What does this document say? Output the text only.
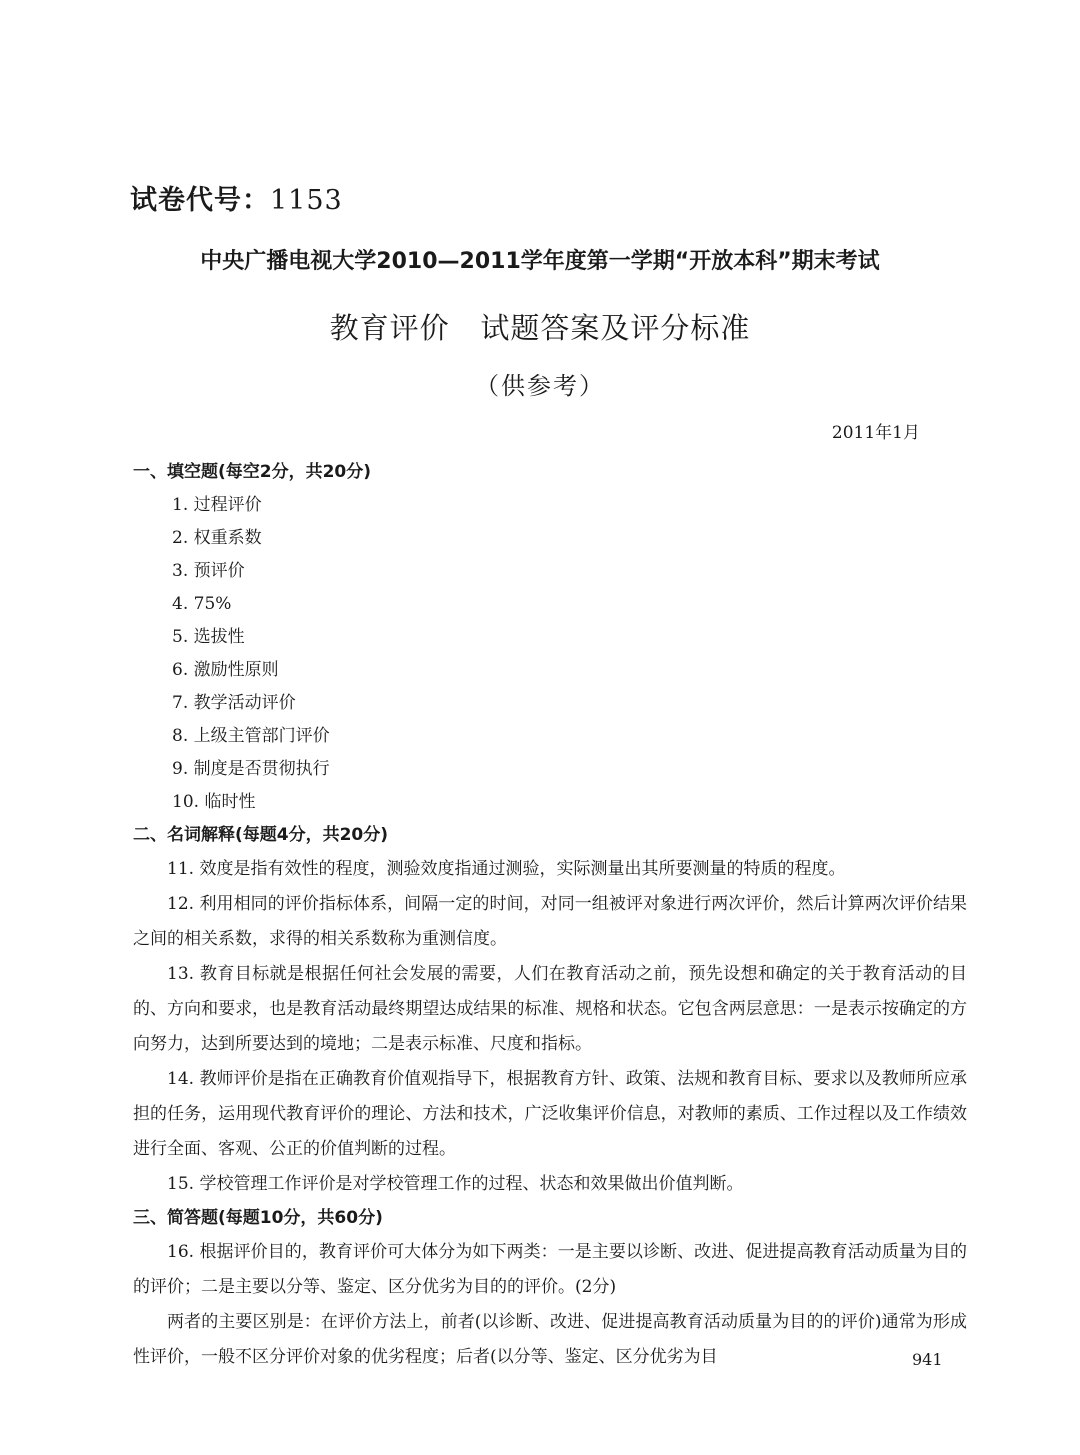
试卷代号：1153
中央广播电视大学2010—2011学年度第一学期“开放本科”期末考试
教育评价   试题答案及评分标准
（供参考）
2011年1月
一、填空题(每空2分，共20分)
1. 过程评价
2. 权重系数
3. 预评价
4. 75%
5. 选拔性
6. 激励性原则
7. 教学活动评价
8. 上级主管部门评价
9. 制度是否贯彻执行
10. 临时性
二、名词解释(每题4分，共20分)

11. 效度是指有效性的程度，测验效度指通过测验，实际测量出其所要测量的特质的程度。

12. 利用相同的评价指标体系，间隔一定的时间，对同一组被评对象进行两次评价，然后计算两次评价结果之间的相关系数，求得的相关系数称为重测信度。

13. 教育目标就是根据任何社会发展的需要，人们在教育活动之前，预先设想和确定的关于教育活动的目的、方向和要求，也是教育活动最终期望达成结果的标准、规格和状态。它包含两层意思：一是表示按确定的方向努力，达到所要达到的境地；二是表示标准、尺度和指标。

14. 教师评价是指在正确教育价值观指导下，根据教育方针、政策、法规和教育目标、要求以及教师所应承担的任务，运用现代教育评价的理论、方法和技术，广泛收集评价信息，对教师的素质、工作过程以及工作绩效进行全面、客观、公正的价值判断的过程。

15. 学校管理工作评价是对学校管理工作的过程、状态和效果做出价值判断。

三、简答题(每题10分，共60分)

16. 根据评价目的，教育评价可大体分为如下两类：一是主要以诊断、改进、促进提高教育活动质量为目的的评价；二是主要以分等、鉴定、区分优劣为目的的评价。(2分)

两者的主要区别是：在评价方法上，前者(以诊断、改进、促进提高教育活动质量为目的的评价)通常为形成性评价，一般不区分评价对象的优劣程度；后者(以分等、鉴定、区分优劣为目	941
